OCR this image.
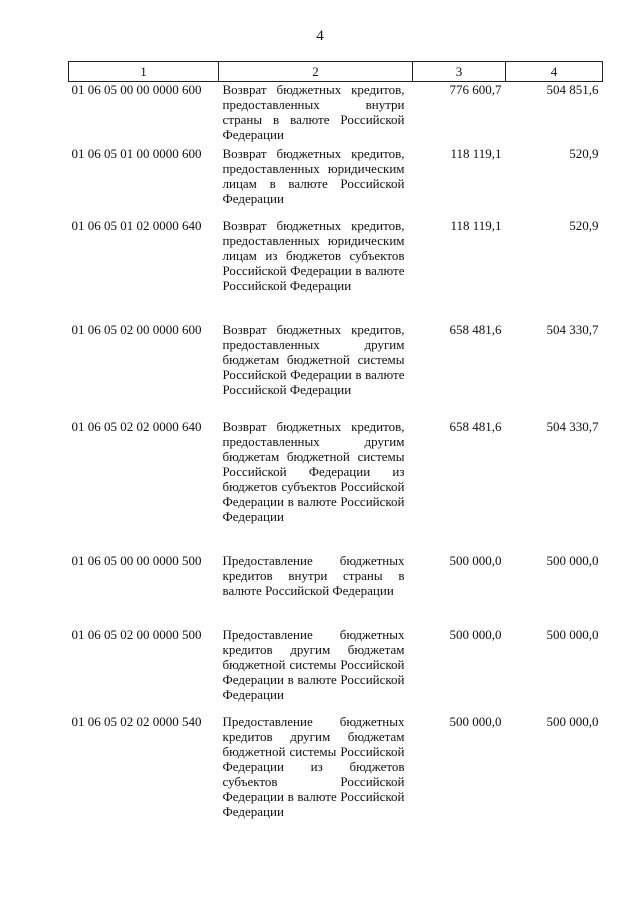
4
1	2	3	4
01 06 05 00 00 0000 600	Возврат бюджетных кредитов, предоставленных внутри страны в валюте Российской Федерации	776 600,7	504 851,6
01 06 05 01 00 0000 600	Возврат бюджетных кредитов, предоставленных юридическим лицам в валюте Российской Федерации	118 119,1	520,9
01 06 05 01 02 0000 640	Возврат бюджетных кредитов, предоставленных юридическим лицам из бюджетов субъектов Российской Федерации в валюте Российской Федерации	118 119,1	520,9
01 06 05 02 00 0000 600	Возврат бюджетных кредитов, предоставленных другим бюджетам бюджетной системы Российской Федерации в валюте Российской Федерации	658 481,6	504 330,7
01 06 05 02 02 0000 640	Возврат бюджетных кредитов, предоставленных другим бюджетам бюджетной системы Российской Федерации из бюджетов субъектов Российской Федерации в валюте Российской Федерации	658 481,6	504 330,7
01 06 05 00 00 0000 500	Предоставление бюджетных кредитов внутри страны в валюте Российской Федерации	500 000,0	500 000,0
01 06 05 02 00 0000 500	Предоставление бюджетных кредитов другим бюджетам бюджетной системы Российской Федерации в валюте Российской Федерации	500 000,0	500 000,0
01 06 05 02 02 0000 540	Предоставление бюджетных кредитов другим бюджетам бюджетной системы Российской Федерации из бюджетов субъектов Российской Федерации в валюте Российской Федерации	500 000,0	500 000,0
